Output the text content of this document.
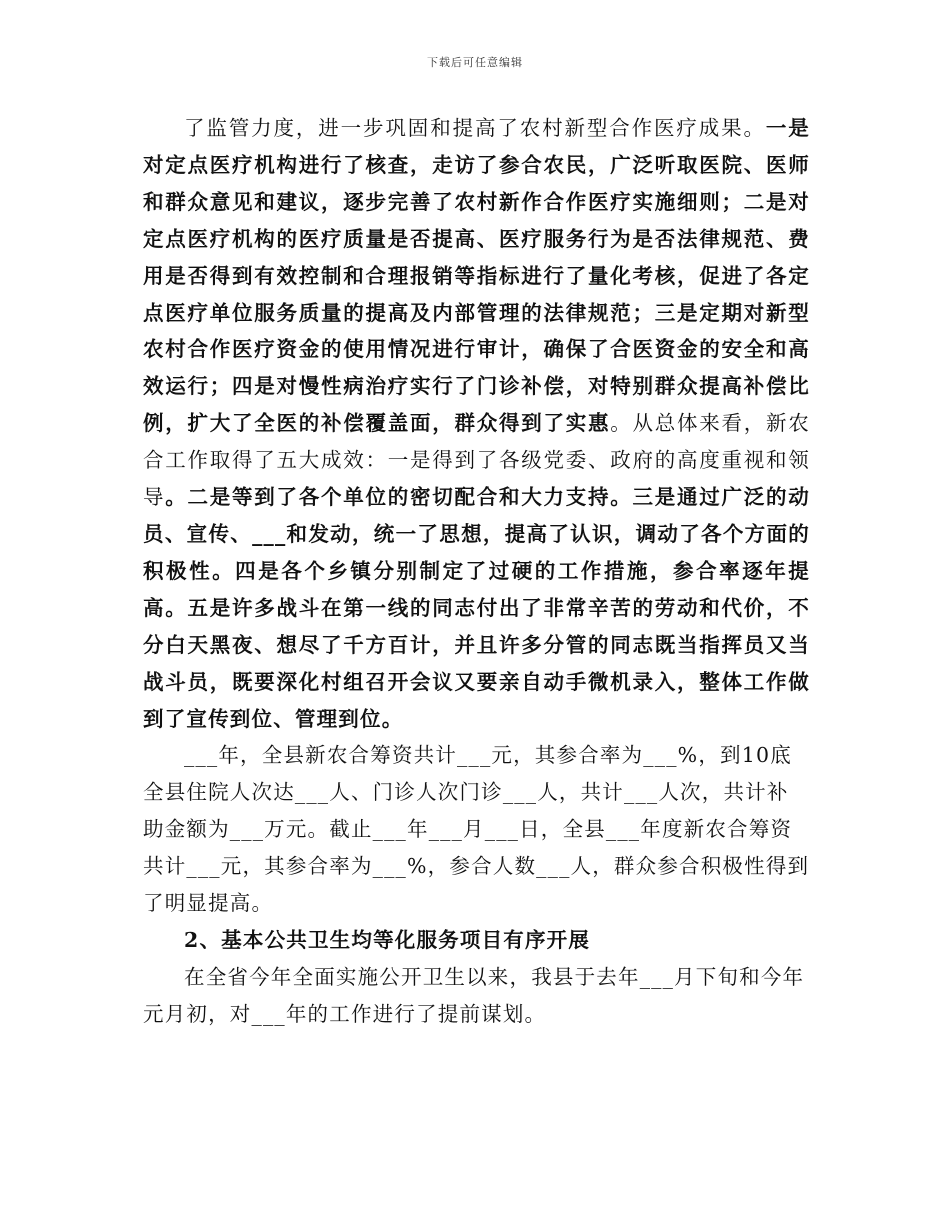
下载后可任意编辑

了监管力度，进一步巩固和提高了农村新型合作医疗成果。一是对定点医疗机构进行了核查，走访了参合农民，广泛听取医院、医师和群众意见和建议，逐步完善了农村新作合作医疗实施细则；二是对定点医疗机构的医疗质量是否提高、医疗服务行为是否法律规范、费用是否得到有效控制和合理报销等指标进行了量化考核，促进了各定点医疗单位服务质量的提高及内部管理的法律规范；三是定期对新型农村合作医疗资金的使用情况进行审计，确保了合医资金的安全和高效运行；四是对慢性病治疗实行了门诊补偿，对特别群众提高补偿比例，扩大了全医的补偿覆盖面，群众得到了实惠。从总体来看，新农合工作取得了五大成效：一是得到了各级党委、政府的高度重视和领导。二是等到了各个单位的密切配合和大力支持。三是通过广泛的动员、宣传、___和发动，统一了思想，提高了认识，调动了各个方面的积极性。四是各个乡镇分别制定了过硬的工作措施，参合率逐年提高。五是许多战斗在第一线的同志付出了非常辛苦的劳动和代价，不分白天黑夜、想尽了千方百计，并且许多分管的同志既当指挥员又当战斗员，既要深化村组召开会议又要亲自动手微机录入，整体工作做到了宣传到位、管理到位。

___年，全县新农合筹资共计___元，其参合率为___%，到10底全县住院人次达___人、门诊人次门诊___人，共计___人次，共计补助金额为___万元。截止___年___月___日，全县___年度新农合筹资共计___元，其参合率为___%，参合人数___人，群众参合积极性得到了明显提高。

2、基本公共卫生均等化服务项目有序开展

在全省今年全面实施公开卫生以来，我县于去年___月下旬和今年元月初，对___年的工作进行了提前谋划。
